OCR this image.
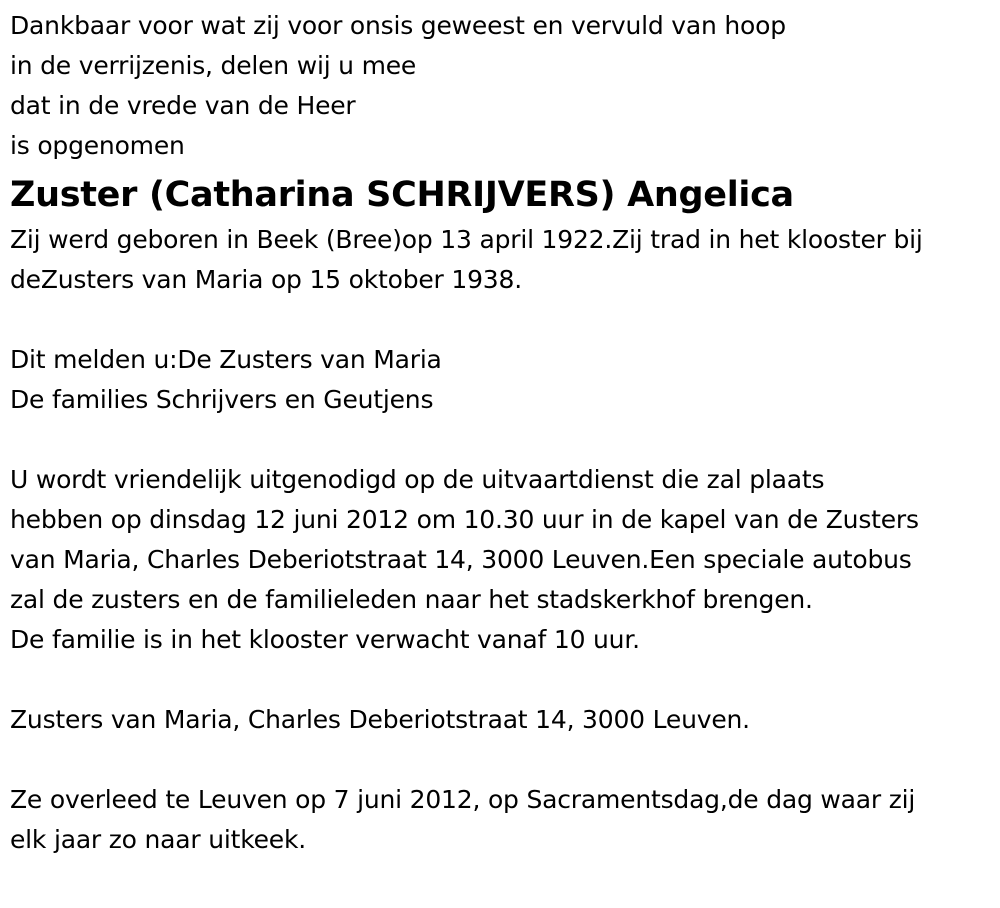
Dankbaar voor wat zij voor onsis geweest en vervuld van hoop
in de verrijzenis, delen wij u mee
dat in de vrede van de Heer
is opgenomen
Zuster (Catharina SCHRIJVERS) Angelica
Zij werd geboren in Beek (Bree)op 13 april 1922.Zij trad in het klooster bij
deZusters van Maria op 15 oktober 1938.
Dit melden u:De Zusters van Maria
De families Schrijvers en Geutjens
U wordt vriendelijk uitgenodigd op de uitvaartdienst die zal plaats
hebben op dinsdag 12 juni 2012 om 10.30 uur in de kapel van de Zusters
van Maria, Charles Deberiotstraat 14, 3000 Leuven.Een speciale autobus
zal de zusters en de familieleden naar het stadskerkhof brengen.
De familie is in het klooster verwacht vanaf 10 uur.
Zusters van Maria, Charles Deberiotstraat 14, 3000 Leuven.
Ze overleed te Leuven op 7 juni 2012, op Sacramentsdag,de dag waar zij
elk jaar zo naar uitkeek.
